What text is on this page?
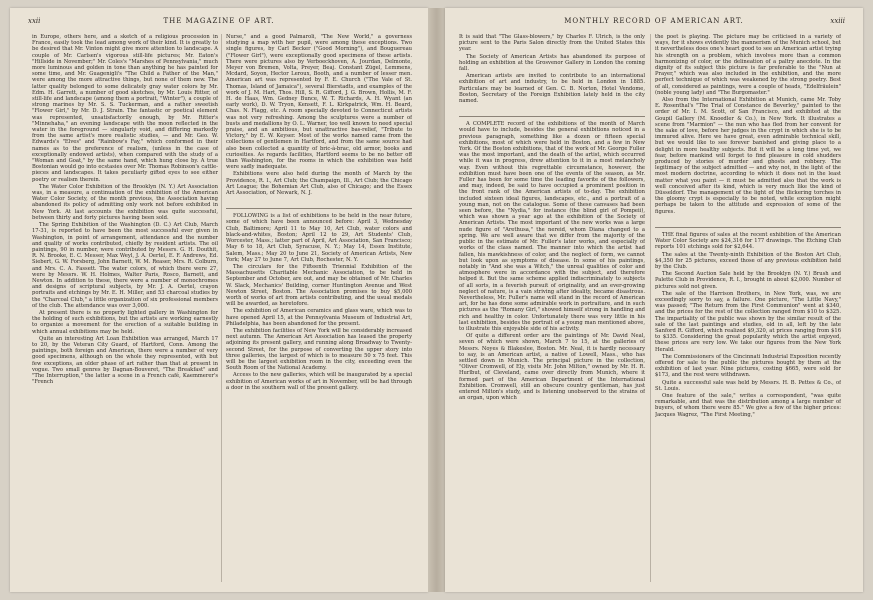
xxii	THE MAGAZINE OF ART.

in Europe, others here, and a sketch of a religious procession in France, easily took the lead among work of their kind. It is greatly to be desired that Mr. Vinton might give more attention to landscape. A couple of Mr. Carlsen's vigorous still-life pictures; Mr. Eaton's "Hillside in November;" Mr. Coles's "Marshes of Pennsylvania," much more luminous and golden in tone than anything he has painted for some time, and Mr. Guagenigli's "The Child a Father of the Man," were among the more attractive things, but none of them new. The latter quality belonged to some delicately gray water colors by Mr. Edm. H. Garrett, a number of good sketches, by Mr. Louis Ritter, of still-life and landscape (among them a portrait, "Winter"), a couple of strong marines by Mr. S. S. Tuckerman, and a rather sweetish "Flower Girl," by Mr. D. J. Strain. The fantastic or poetical element was represented, unsatisfactorily enough, by Mr. Ritter's "Minnehaha," an evening landscape with the moon reflected in the water in the foreground — singularly void, and differing markedly from the same artist's more realistic studies, — and Mr. Geo. W. Edwards's "Elves" and "Rainbow's Fay," which conformed in their names as to the preference of realism, (unless in the case of exceptionally endowed artists), when compared with the study of a "Woman and Goat," by the same hand, which hung close by. A true Bostonian would go into ecstasies over Mr. Thomas Robinson's cattle-pieces and landscapes. It takes peculiarly gifted eyes to see either poetry or realism therein.

The Water Color Exhibition of the Brooklyn (N. Y.) Art Association was, in a measure, a continuation of the exhibition of the American Water Color Society, of the month previous, the Association having abandoned its policy of admitting only work not before exhibited in New York. At last accounts the exhibition was quite successful, between thirty and forty pictures having been sold.

The Spring Exhibition of the Washington (D. C.) Art Club, March 17-31, is reported to have been the most successful ever given in Washington, in point of arrangement, attendance and the number and quality of works contributed, chiefly by resident artists. The oil paintings, 90 in number, were contributed by Messrs. G. H. Douthit, R. N. Brooke, E. C. Messer, Max Weyl, J. A. Oertel, E. F. Andrews, Ed. Siebert, G. W. Forsberg, John Barnett, W. M. Reaser, Mrs. R. Colburn, and Mrs. C. A. Fassett. The water colors, of which there were 27, were by Messrs. W. H. Holmes, Walter Paris, Rosco, Barnett, and Newton. In addition to these, there were a number of monochromes and designs of scriptural subjects, by Mr. J. A. Oertel, crayon portraits and etchings by Mr. E. H. Miller, and 53 charcoal studies by the "Charcoal Club," a little organization of six professional members of the club. The attendance was over 3,000.

At present there is no properly lighted gallery in Washington for the holding of such exhibitions, but the artists are working earnestly to organize a movement for the erection of a suitable building in which annual exhibitions may be held.

Quite an interesting Art Loan Exhibition was arranged, March 17 to 20, by the Veteran City Guard, of Hartford, Conn. Among the paintings, both foreign and American, there were a number of very good specimens, although on the whole they represented, with but few exceptions, an older phase of art rather than that at present in vogue. Two small genres by Dagnan-Bouveret, "The Breakfast" and "The Interruption," the latter a scene in a French café, Kaemmerer's "French

Nurse," and a good Palmaroli, "The New World," a governess studying a map with her pupil, were among these exceptions. Two single figures, by Carl Becker ("Good Morning"), and Bouguereau ("Flower Girl"), were exceptionally good specimens of these artists. There were pictures also by Verboeckhoven, A. Jourdan, Delmonte, Meyer von Bremen, Volta, Preyer, Beaj. Constant Zügel, Lemmens, Mcdard, Soyon, Hector Leroux, Booth, and a number of lesser men. American art was represented by F. E. Church ("The Vale of St. Thomas, Island of Jamaica"), several Bierstadts, and examples of the work of J. M. Hart, Thos. Hill, S. R. Gifford, J. G. Brown, Hollis, M. F. H. de Haas, Wm. Gedney Bunce, W. T. Richards, A. H. Wyant (an early work), D. W. Tryon, Kensett, F. L. Kirkpatrick, Wm. H. Beard, Chas. N. Flagg, etc. A room specially devoted to Connecticut artists was not very refreshing. Among the sculptures were a number of busts and medallions by O. L. Warner, too well known to need special praise, and an ambitious, but unattractive bas-relief, "Tribute to Victory," by E. W. Keyser. Most of the works named came from the collections of gentlemen in Hartford, and from the same source had also been collected a quantity of bric-à-brac, old armor, books and curiosities. As regards facilities, Hartford seems to be no better off than Washington, for the rooms in which the exhibition was held were sadly inadequate.

Exhibitions were also held during the month of March by the Providence, R. I., Art Club; the Champaign, Ill., Art Club; the Chicago Art League; the Bohemian Art Club, also of Chicago; and the Essex Art Association, of Newark, N. J.

FOLLOWING is a list of exhibitions to be held in the near future, some of which have been announced before: April 3, Wednesday Club, Baltimore; April 11 to May 10, Art Club, water colors and black-and-whites, Boston; April 12 to 29, Art Students' Club, Worcester, Mass.; latter part of April, Art Association, San Francisco; May 6 to 18, Art Club, Syracuse, N. Y.; May 14, Essex Institute, Salem, Mass.; May 20 to June 21, Society of American Artists, New York; May 27 to June 7, Art Club, Rochester, N. Y.

The circulars for the Fifteenth Triennial Exhibition of the Massachusetts Charitable Mechanic Association, to be held in September and October, are out, and may be obtained of Mr. Charles W. Slack, Mechanics' Building, corner Huntington Avenue and West Newton Street, Boston. The Association promises to buy $5,000 worth of works of art from artists contributing, and the usual medals will be awarded, as heretofore.

The exhibition of American ceramics and glass ware, which was to have opened April 15, at the Pennsylvania Museum of Industrial Art, Philadelphia, has been abandoned for the present.

The exhibition facilities of New York will be considerably increased next autumn. The American Art Association has leased the property adjoining its present gallery, and running along Broadway to Twenty-second Street, for the purpose of converting the upper story into three galleries, the largest of which is to measure 50 x 75 feet. This will be the largest exhibition room in the city, exceeding even the South Room of the National Academy.

Access to the new galleries, which will be inaugurated by a special exhibition of American works of art in November, will be had through a door in the southern wall of the present gallery.

MONTHLY RECORD OF AMERICAN ART.	xxiii

It is said that "The Glass-blowers," by Charles F. Ulrich, is the only picture sent to the Paris Salon directly from the United States this year.

The Society of American Artists has abandoned its purpose of holding an exhibition at the Grosvenor Gallery in London the coming fall.

American artists are invited to contribute to an international exhibition of art and industry, to be held in London in 1885. Particulars may be learned of Gen. C. B. Norton, Hotel Vendome, Boston, Secretary of the Foreign Exhibition lately held in the city named.

A COMPLETE record of the exhibitions of the month of March would have to include, besides the general exhibitions noticed in a previous paragraph, something like a dozen or fifteen special exhibitions, most of which were held in Boston, and a few in New York. Of the Boston exhibitions, that of the work of Mr. George Fuller was the most important, and the death of the artist, which occurred while it was in progress, drew attention to it in a most melancholy way. Even without this regrettable circumstance, however, the exhibition must have been one of the events of the season, as Mr. Fuller has been for some time the leading favorite of the followers, and may, indeed, be said to have occupied a prominent position in the front rank of the American artists of to-day. The exhibition included sixteen ideal figures, landscapes, etc., and a portrait of a young man, not on the catalogue. Some of these canvases had been seen before, the "Nydia," for instance (the blind girl of Pompeii), which was shown a year ago at the exhibition of the Society of American Artists. The most important of the new works was a large nude figure of "Arethusa," the nereid, whom Diana changed to a spring. We are well aware that we differ from the majority of the public in the estimate of Mr. Fuller's later works, and especially of works of the class named. The manner into which the artist had fallen, his mawkishness of color, and the neglect of form, we cannot but look upon as symptoms of disease. In some of his paintings, notably in "And she was a Witch," the unreal qualities of color and atmosphere were in accordance with the subject, and therefore helped it. But the same scheme applied indiscriminately to subjects of all sorts, in a feverish pursuit of originality, and an ever-growing neglect of nature, is a vain striving after ideality, became disastrous. Nevertheless, Mr. Fuller's name will stand in the record of American art, for he has done some admirable work in portraiture, and in such pictures as the "Romany Girl," showed himself strong in handling and rich and healthy in color. Unfortunately there was very little in his last exhibition, besides the portrait of a young man mentioned above, to illustrate this enjoyable side of his activity.

Of quite a different order are the paintings of Mr. David Neal, seven of which were shown, March 7 to 15, at the galleries of Messrs. Noyes & Blakeslee, Boston. Mr. Neal, it is hardly necessary to say, is an American artist, a native of Lowell, Mass., who has settled down in Munich. The principal picture in the collection, "Oliver Cromwell, of Ely, visits Mr. John Milton," owned by Mr. H. R. Hurlbut, of Cleveland, came over directly from Munich, where it formed part of the American Department of the International Exhibition. Cromwell, still an obscure country gentleman, has just entered Milton's study, and is listening unobserved to the strains of an organ, upon which

the poet is playing. The picture may be criticised in a variety of ways, for it shows evidently the mannerism of the Munich school, but it nevertheless does one's heart good to see an American artist trying his strength on a problem, which involves more than a common harmonizing of color, or the delineation of a paltry anecdote. In the dignity of its subject this picture is far preferable to the "Nun at Prayer," which was also included in the exhibition, and the more perfect technique of which was weakened by the strong poetry. Best of all, considered as paintings, were a couple of heads, "Edelfräulein" (noble young lady) and "The Burgomaster."

Also from the International Exhibition at Munich, came Mr. Toby E. Rosenthal's "The Trial of Constance de Beverley," painted to the order of Mr. I. M. Scott, of San Francisco, and exhibited at the Goupil Gallery (M. Knoedler & Co.), in New York. It illustrates a scene from "Marmion" — the nun who has fled from her convent for the sake of love, before her judges in the crypt in which she is to be immured alive. Here we have great, even admirable technical skill, but we would like to see forever banished and giving place to a delight in more healthy subjects. But it will be a long time yet, we fear, before mankind will forget to find pleasure in cold shudders produced by stories of murder and ghosts and robbery. The legitimacy of the subject admitted — and why not, in the light of the most modern doctrine, according to which it does not in the least matter what you paint — it must be admitted also that the work is well conceived after its kind, which is very much like the kind of Düsseldorf. The management of the light of the flickering torches in the gloomy crypt is especially to be noted, while exception might perhaps be taken to the attitude and expression of some of the figures.

THE final figures of sales at the recent exhibition of the American Water Color Society are $24,316 for 177 drawings. The Etching Club reports 101 etchings sold for $2,644.

The sales at the Twenty-ninth Exhibition of the Boston Art Club, $4,350 for 25 pictures, exceed those of any previous exhibition held by the Club.

The Second Auction Sale held by the Brooklyn (N. Y.) Brush and Palette Club in Providence, R. I., brought in about $2,000. Number of pictures sold not given.

The sale of the Harrison Brothers, in New York, was, we are exceedingly sorry to say, a failure. One picture, "The Little Navy," was passed; "The Return from the First Communion" went at $340, and the prices for the rest of the collection ranged from $10 to $325. The impartiality of the public was shown by the similar result of the sale of the last paintings and studies, old in all, left by the late Sanford R. Gifford, which realized $9,320, at prices ranging from $16 to $335. Considering the great popularity which the artist enjoyed, these prices are very low. We take our figures from the New York Herald.

The Commissioners of the Cincinnati Industrial Exposition recently offered for sale to the public the pictures bought by them at the exhibition of last year. Nine pictures, costing $665, were sold for $173, and the rest were withdrawn.

Quite a successful sale was held by Messrs. H. B. Pettes & Co., of St. Louis.

One feature of the sale," writes a correspondent, "was quite remarkable, and that was the distribution among a large number of buyers, of whom there were 85." We give a few of the higher prices: Jacques Wagrez, "The First Meeting,"
